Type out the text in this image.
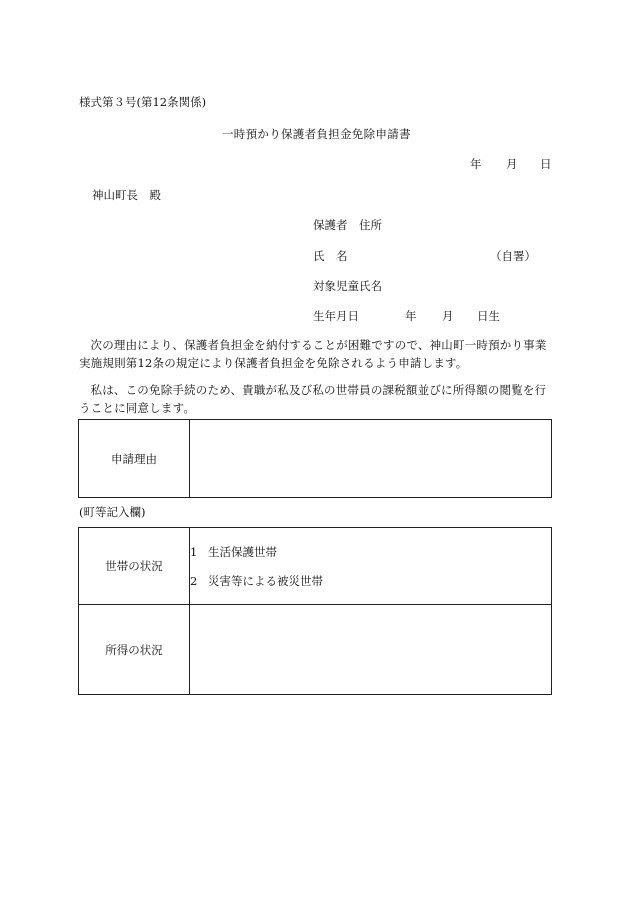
様式第３号(第12条関係)
一時預かり保護者負担金免除申請書
年 月 日
神山町長　殿
保護者　住所
氏　名	（自署）
対象児童氏名
生年月日	年 月 日生
次の理由により、保護者負担金を納付することが困難ですので、神山町一時預かり事業実施規則第12条の規定により保護者負担金を免除されるよう申請します。
私は、この免除手続のため、貴職が私及び私の世帯員の課税額並びに所得額の閲覧を行うことに同意します。
申請理由	
(町等記入欄)
世帯の状況	1 生活保護世帯
2 災害等による被災世帯

所得の状況	
